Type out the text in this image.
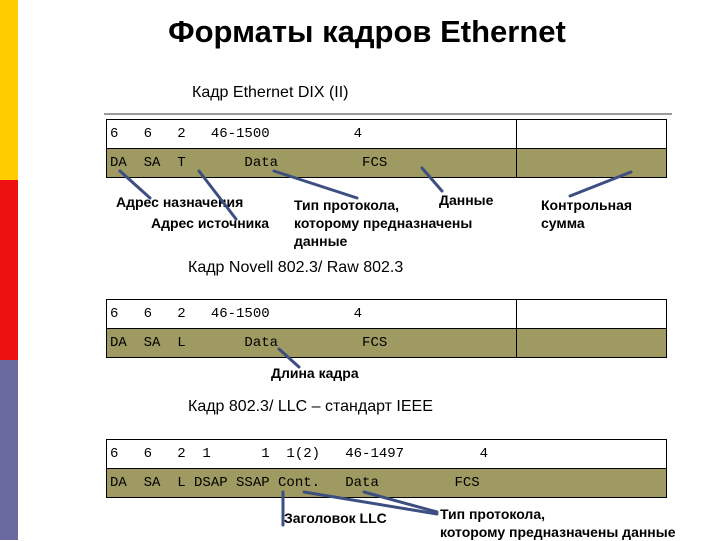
Форматы кадров Ethernet
Кадр Ethernet DIX (II)
6   6   2   46-1500          4	
DA  SA  T       Data          FCS	
Адрес назначения
Адрес источника
Тип протокола,
которому предназначены
данные
Данные	Контрольная
сумма
Кадр Novell 802.3/ Raw 802.3
6   6   2   46-1500          4	
DA  SA  L       Data          FCS	
Длина кадра
Кадр 802.3/ LLC – стандарт IEEE
6   6   2  1      1  1(2)   46-1497         4
DA  SA  L DSAP SSAP Cont.   Data         FCS
Заголовок LLC	Тип протокола,
которому предназначены данные
